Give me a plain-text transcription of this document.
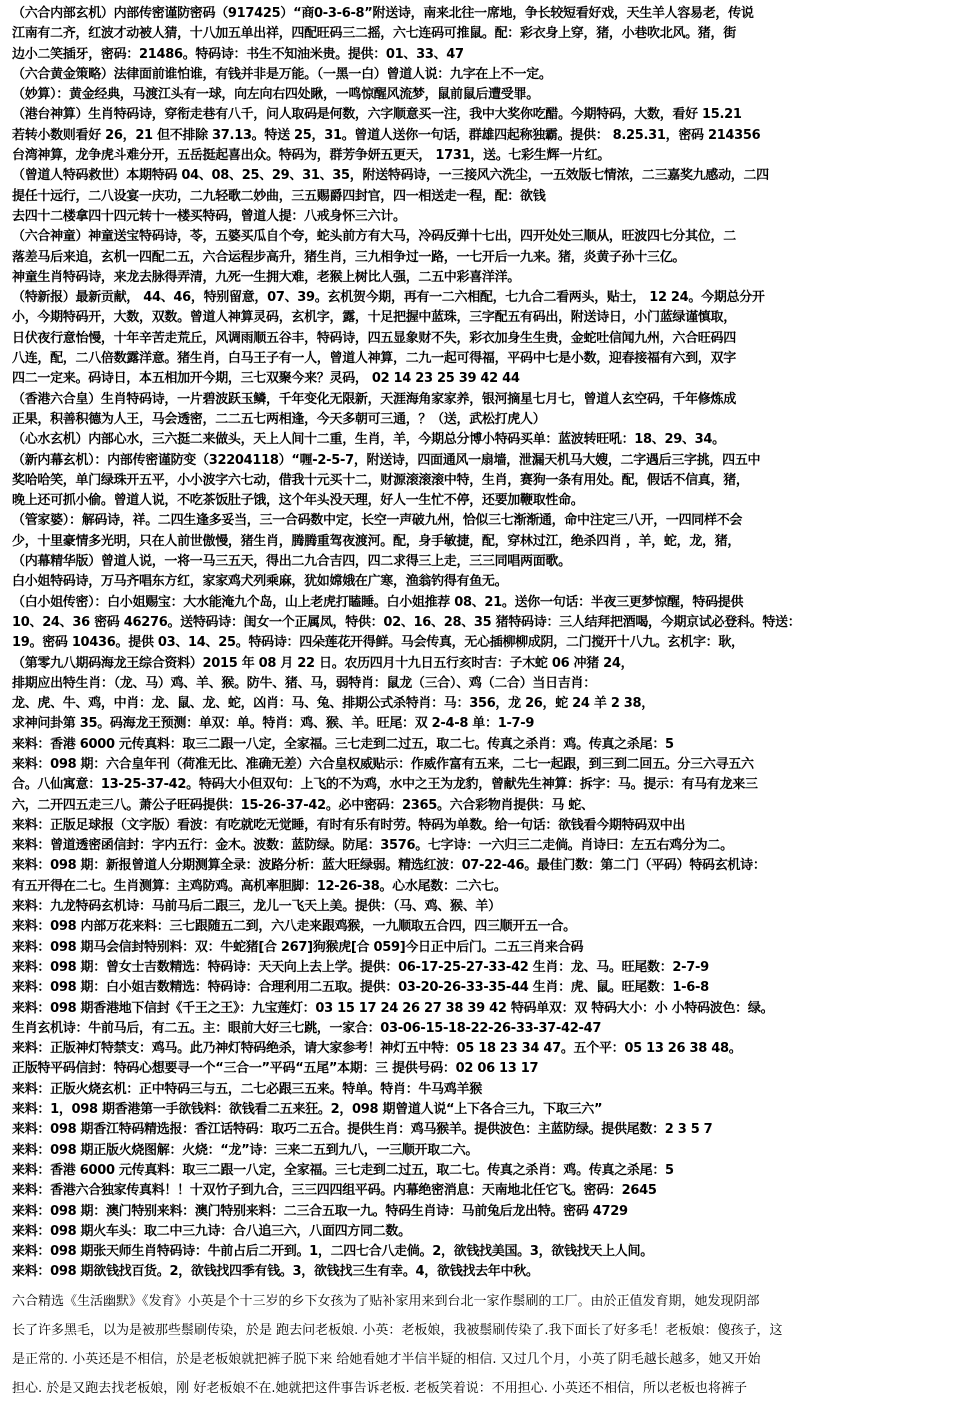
（六合内部玄机）内部传密谨防密码（917425）“商0-3-6-8”附送诗，南来北往一席地，争长较短看好戏，天生羊人容易老，传说
江南有二齐，红波才动被人猜，十八加五单出祥，四配旺码三二摇，六七连码可推鼠。配：彩衣身上穿，猪，小巷吹北风。猪，街
边小二笑插牙，密码：21486。特码诗：书生不知油米贵。提供：01、33、47
（六合黄金策略）法律面前谁怕谁，有钱并非是万能。（一黑一白）曾道人说：九字在上不一定。
（妙算）：黄金经典，马渡江头有一球，向左向右四处瞅，一鸣惊醒风流梦，鼠前鼠后遭受罪。
（港台神算）生肖特码诗，穿衔走巷有八千，问人取码是何数，六字顺意买一注，我中大奖你吃醋。今期特码，大数，看好 15.21
若转小数则看好 26，21 但不排除 37.13。特送 25，31。曾道人送你一句话，群雄四起称独霸。提供： 8.25.31，密码 214356
台湾神算，龙争虎斗难分开，五岳挺起喜出众。特码为，群芳争妍五更天， 1731，送。七彩生辉一片红。
（曾道人特码救世）本期特码 04、08、25、29、31、35，附送特码诗，一三接风六洗尘，一五效版七情浓，二三嘉奖九感动，二四
提任十远行，二八设宴一庆功，二九轻歌二妙曲，三五赐爵四封官，四一相送走一程，配：欲钱
去四十二楼拿四十四元转十一楼买特码，曾道人提：八戒身怀三六计。
（六合神童）神童送宝特码诗，苓，五婆买瓜自个夸，蛇头前方有大马，冷码反弹十七出，四开处处三顺从，旺波四七分其位，二
落差马后来追，玄机一四配二五，六合运程步高升，猪生肖，三九相争过一路，一七开后一九来。猪，炎黄子孙十三亿。
神童生肖特码诗，来龙去脉得弄清，九死一生拥大难，老猴上树比人强，二五中彩喜洋洋。
（特新报）最新贡献， 44、46，特别留意，07、39。玄机贺今期，再有一二六相配，七九合二看两头，贴士， 12 24。今期总分开
小，今期特码开，大数，双数。曾道人神算灵码，玄机字，露，十足把握中蓝珠，三字配五有码出，附送诗日，小门蓝绿谨慎取，
日伏夜行意怡慢，十年辛苦走荒丘，风调雨顺五谷丰，特码诗，四五显象财不失，彩衣加身生生贵，金蛇吐信闻九州，六合旺码四
八连，配，二八倍数露洋意。猪生肖，白马王子有一人，曾道人神算，二九一起可得福，平码中七是小数，迎春接福有六到，双字
四二一定来。码诗日，本五相加开今期，三七双聚今来？灵码， 02 14 23 25 39 42 44
（香港六合皇）生肖特码诗，一片碧波跃玉鳞，千年变化无限新，天涯海角家家养，银河摘星七月七，曾道人玄空码，千年修炼成
正果，积善积德为人王，马会透密，二二五七两相逢，今天多朝可三通，？（送，武松打虎人）
（心水玄机）内部心水，三六挺二来做头，天上人间十二重，生肖，羊，今期总分博小特码买单：蓝波转旺吼：18、29、34。
（新内幕玄机）：内部传密谨防变（32204118）“喱-2-5-7，附送诗，四面通风一扇墙，泄漏天机马大嫂，二字遇后三字挑，四五中
奖哈哈笑，单门绿珠开五平，小小波字六七动，借我十元买十二，财源滚滚滚中特，生肖，赛狗一条有用处。配，假话不信真，猪，
晚上还可抓小偷。曾道人说，不吃茶饭肚子饿，这个年头没天理，好人一生忙不停，还要加鞭取性命。
（管家婆）：解码诗，祥。二四生逢多妥当，三一合码数中定，长空一声破九州，恰似三七渐渐通，命中注定三八开，一四同样不会
少，十里豪情多光明，只在人前世傲慢，猪生肖，腾腾重驾夜渡河。配，身手敏捷，配，穿林过江，绝杀四肖 ，羊，蛇，龙，猪，
（内幕精华版）曾道人说，一将一马三五天，得出二九合吉四，四二求得三上走，三三同唱两面歌。
白小姐特码诗，万马齐唱东方红，家家鸡犬列乘麻，犹如嫦娥在广寒，渔翁钓得有鱼无。
（白小姐传密）：白小姐赐宝：大水能淹九个岛，山上老虎打瞌睡。白小姐推荐 08、21。送你一句话：半夜三更梦惊醒，特码提供
10、24、36 密码 46276。送特码诗：闺女一个正属凤，特供：02、16、28、35 猪特码诗：三人结拜把酒喝，今期京试必登科。特送：
19。密码 10436。提供 03、14、25。特码诗：四朵莲花开得鲜。马会传真，无心插柳柳成阴，二门搅开十八九。玄机字：耿，
（第零九八期码海龙王综合资料）2015 年 08 月 22 日。农历四月十九日五行亥时吉：子木蛇 06 冲猪 24，
排期应出特生肖：（龙、马）鸡、羊、猴。防牛、猪、马，弱特肖：鼠龙（三合）、鸡（二合）当日吉肖：
龙、虎、牛、鸡，中肖：龙、鼠、龙、蛇，凶肖：马、兔、排期公式杀特肖：马：356，龙 26，蛇 24 羊 2 38，
求神问卦第 35。码海龙王预测：单双：单。特肖：鸡、猴、羊。旺尾：双 2-4-8 单：1-7-9
来料：香港 6000 元传真料：取三二跟一八定，全家福。三七走到二过五，取二七。传真之杀肖：鸡。传真之杀尾：5
来料：098 期：六合皇年刊（荷准无比、准确无差）六合皇权威贴示：作威作富有五来，二七一起跟，到三到二回五。分三六寻五六
合。八仙寓意：13-25-37-42。特码大小但双句：上飞的不为鸡，水中之王为龙豹，曾献先生神算：拆字：马。提示：有马有龙来三
六，二开四五走三八。萧公子旺码提供：15-26-37-42。必中密码：2365。六合彩物肖提供：马 蛇、
来料：正版足球报（文字版）看波：有吃就吃无觉睡，有时有乐有时劳。特码为单数。给一句话：欲钱看今期特码双中出
来料：曾道透密函信封：字内五行：金木。波数：蓝防绿。防尾：3576。七字诗：一六归三二走倘。肖诗曰：左五右鸡分为二。
来料：098 期：新报曾道人分期测算全录：波路分析：蓝大旺绿弱。精选红波：07-22-46。最佳门数：第二门（平码）特码玄机诗：
有五开得在二七。生肖测算：主鸡防鸡。高机率胆脚：12-26-38。心水尾数：二六七。
来料：九龙特码玄机诗：马前马后二跟三，龙儿一飞天上美。提供：（马、鸡、猴、羊）
来料：098 内部万花来料：三七跟随五二到，六八走来跟鸡猴，一九顺取五合四，四三顺开五一合。
来料：098 期马会信封特别料：双：牛蛇猪[合 267]狗猴虎[合 059]今日正中后门。二五三肖来合码
来料：098 期：曾女士吉数精选：特码诗：天天向上去上学。提供：06-17-25-27-33-42 生肖：龙、马。旺尾数：2-7-9
来料：098 期：白小姐吉数精选：特码诗：合理利用二五取。提供：03-20-26-33-35-44 生肖：虎、鼠。旺尾数：1-6-8
来料：098 期香港地下信封《千王之王》：九宝莲灯：03 15 17 24 26 27 38 39 42 特码单双：双 特码大小：小 小特码波色：绿。
生肖玄机诗：牛前马后，有二五。主：眼前大好三七跳，一家合：03-06-15-18-22-26-33-37-42-47
来料：正版神灯特禁支：鸡马。此乃神灯特码绝杀，请大家参考！神灯五中特：05 18 23 34 47。五个平：05 13 26 38 48。
正版特平码信封：特码心想要寻一个“三合一”平码“五尾”本期：三 提供号码：02 06 13 17
来料：正版火烧玄机：正中特码三与五，二七必跟三五来。特单。特肖：牛马鸡羊猴
来料：1，098 期香港第一手欲钱料：欲钱看二五来狂。2，098 期曾道人说“上下各合三九，下取三六”
来料：098 期香江特码精选报：香江话特码：取巧二五合。提供生肖：鸡马猴羊。提供波色：主蓝防绿。提供尾数：2 3 5 7
来料：098 期正版火烧图解：火烧：“龙”诗：三来二五到九八，一三顺开取二六。
来料：香港 6000 元传真料：取三二跟一八定，全家福。三七走到二过五，取二七。传真之杀肖：鸡。传真之杀尾：5
来料：香港六合独家传真料！！十双竹子到九合，三三四四组平码。内幕绝密消息：天南地北任它飞。密码：2645
来料：098 期：澳门特别来料：澳门特别来料：二三合五取一九。特码生肖诗：马前兔后龙出特。密码 4729
来料：098 期火车头：取二中三九诗：合八追三六，八面四方同二数。
来料：098 期张天师生肖特码诗：牛前占后二开到。1，二四七合八走倘。2，欲钱找美国。3，欲钱找天上人间。
来料：098 期欲钱找百货。2，欲钱找四季有钱。3，欲钱找三生有幸。4，欲钱找去年中秋。
六合精选《生活幽默》《发育》小英是个十三岁的乡下女孩为了贴补家用来到台北一家作鬃刷的工厂。由於正值发育期，她发现阴部
长了许多黑毛，以为是被那些鬃刷传染，於是 跑去问老板娘. 小英：老板娘，我被鬃刷传染了.我下面长了好多毛！老板娘：傻孩子，这
是正常的. 小英还是不相信，於是老板娘就把裤子脱下来 给她看她才半信半疑的相信. 又过几个月，小英了阴毛越长越多，她又开始
担心. 於是又跑去找老板娘，刚 好老板娘不在.她就把这件事告诉老板. 老板笑着说：不用担心. 小英还不相信，所以老板也将裤子
